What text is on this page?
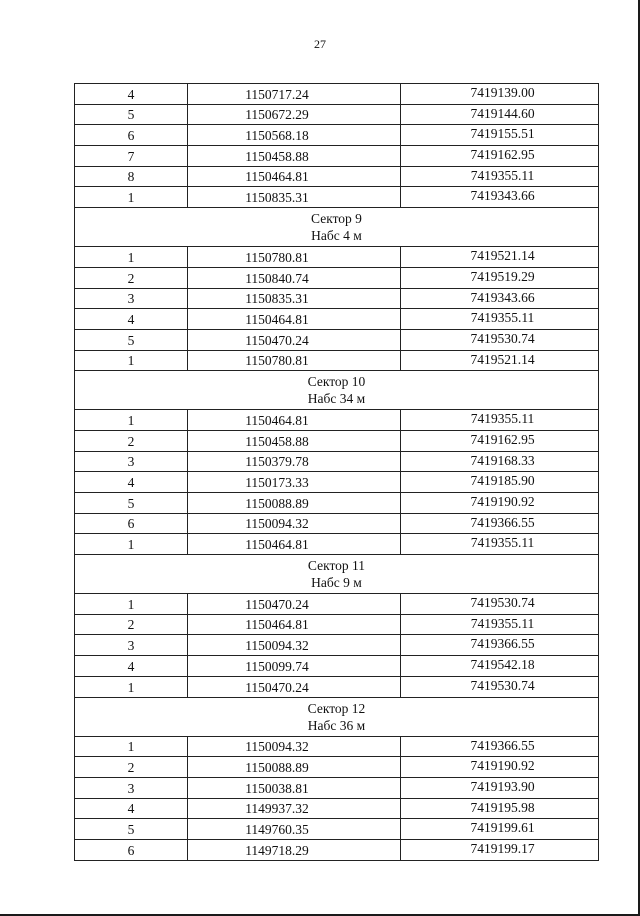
27
4	1150717.24	7419139.00
5	1150672.29	7419144.60
6	1150568.18	7419155.51
7	1150458.88	7419162.95
8	1150464.81	7419355.11
1	1150835.31	7419343.66

Сектор 9
Набс 4 м		

1	1150780.81	7419521.14
2	1150840.74	7419519.29
3	1150835.31	7419343.66
4	1150464.81	7419355.11
5	1150470.24	7419530.74
1	1150780.81	7419521.14

Сектор 10
Набс 34 м		

1	1150464.81	7419355.11
2	1150458.88	7419162.95
3	1150379.78	7419168.33
4	1150173.33	7419185.90
5	1150088.89	7419190.92
6	1150094.32	7419366.55
1	1150464.81	7419355.11

Сектор 11
Набс 9 м		

1	1150470.24	7419530.74
2	1150464.81	7419355.11
3	1150094.32	7419366.55
4	1150099.74	7419542.18
1	1150470.24	7419530.74

Сектор 12
Набс 36 м		

1	1150094.32	7419366.55
2	1150088.89	7419190.92
3	1150038.81	7419193.90
4	1149937.32	7419195.98
5	1149760.35	7419199.61
6	1149718.29	7419199.17
